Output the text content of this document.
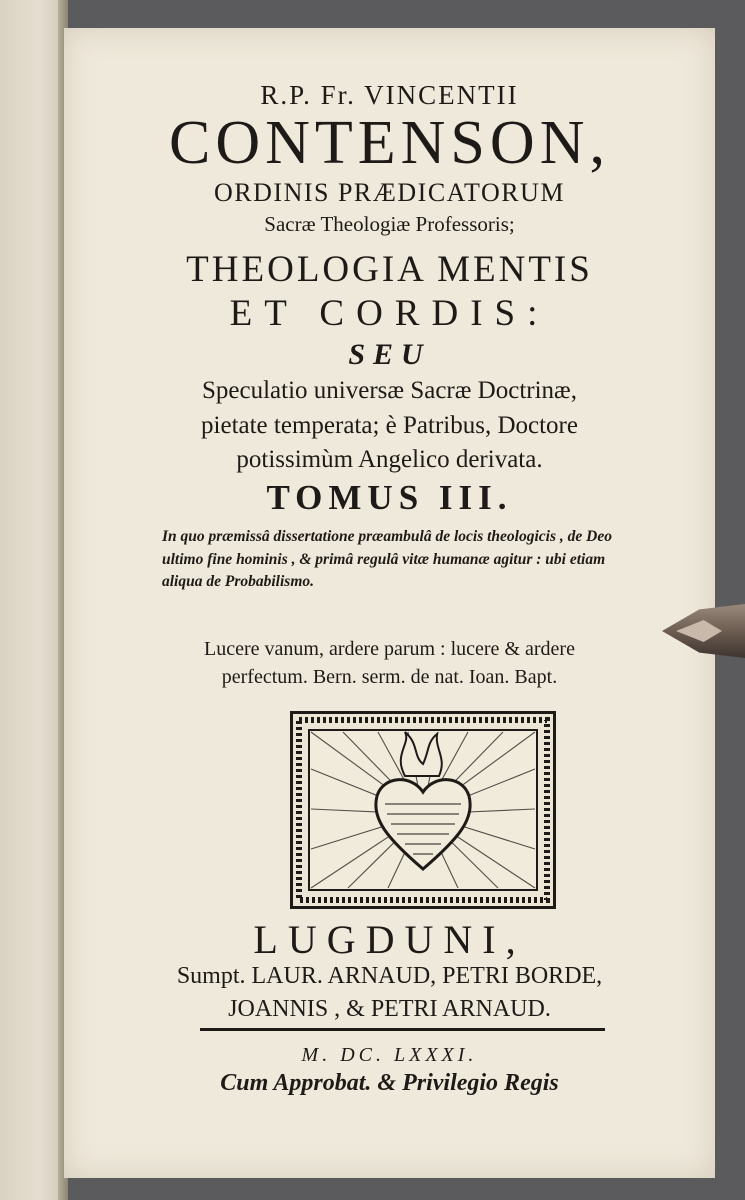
R.P. Fr. VINCENTII
CONTENSON,
ORDINIS PRÆDICATORUM
Sacræ Theologiæ Professoris;
THEOLOGIA MENTIS
ET CORDIS:
SEU
Speculatio universæ Sacræ Doctrinæ,
pietate temperata; è Patribus, Doctore
potissimùm Angelico derivata.
TOMUS III.
In quo præmissâ dissertatione præambulâ de locis theologicis , de Deo ultimo fine hominis , & primâ regulâ vitæ humanæ agitur : ubi etiam aliqua de Probabilismo.
Lucere vanum, ardere parum : lucere & ardere
perfectum. Bern. serm. de nat. Ioan. Bapt.
LUGDUNI,
Sumpt. LAUR. ARNAUD, PETRI BORDE,
JOANNIS , & PETRI ARNAUD.
M. DC. LXXXI.
Cum Approbat. & Privilegio Regis
